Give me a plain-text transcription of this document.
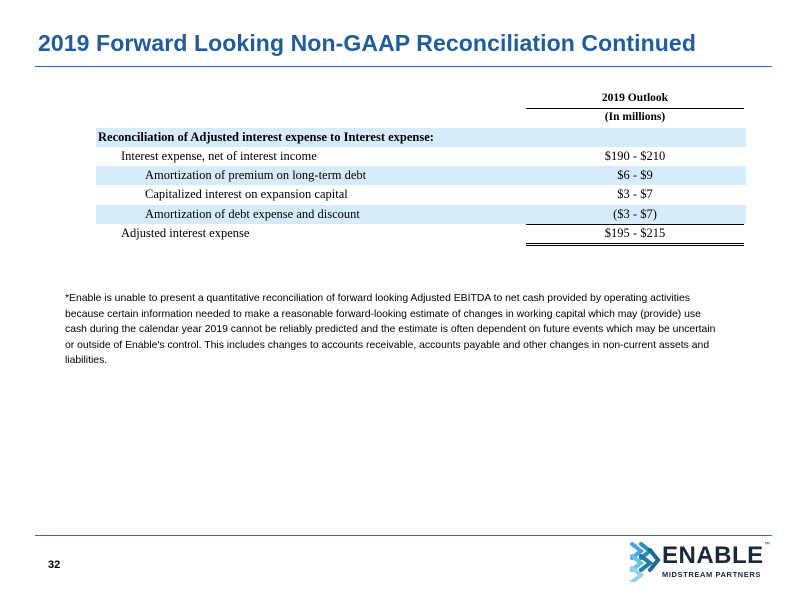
2019 Forward Looking Non-GAAP Reconciliation Continued
2019 Outlook
(In millions)
Reconciliation of Adjusted interest expense to Interest expense:
Interest expense, net of interest income	$190 - $210
Amortization of premium on long-term debt	$6 - $9
Capitalized interest on expansion capital	$3 - $7
Amortization of debt expense and discount	($3 - $7)
Adjusted interest expense	$195 - $215

*Enable is unable to present a quantitative reconciliation of forward looking Adjusted EBITDA to net cash provided by operating activities because certain information needed to make a reasonable forward-looking estimate of changes in working capital which may (provide) use cash during the calendar year 2019 cannot be reliably predicted and the estimate is often dependent on future events which may be uncertain or outside of Enable's control. This includes changes to accounts receivable, accounts payable and other changes in non-current assets and liabilities.

32	ENABLE ™
MIDSTREAM PARTNERS
